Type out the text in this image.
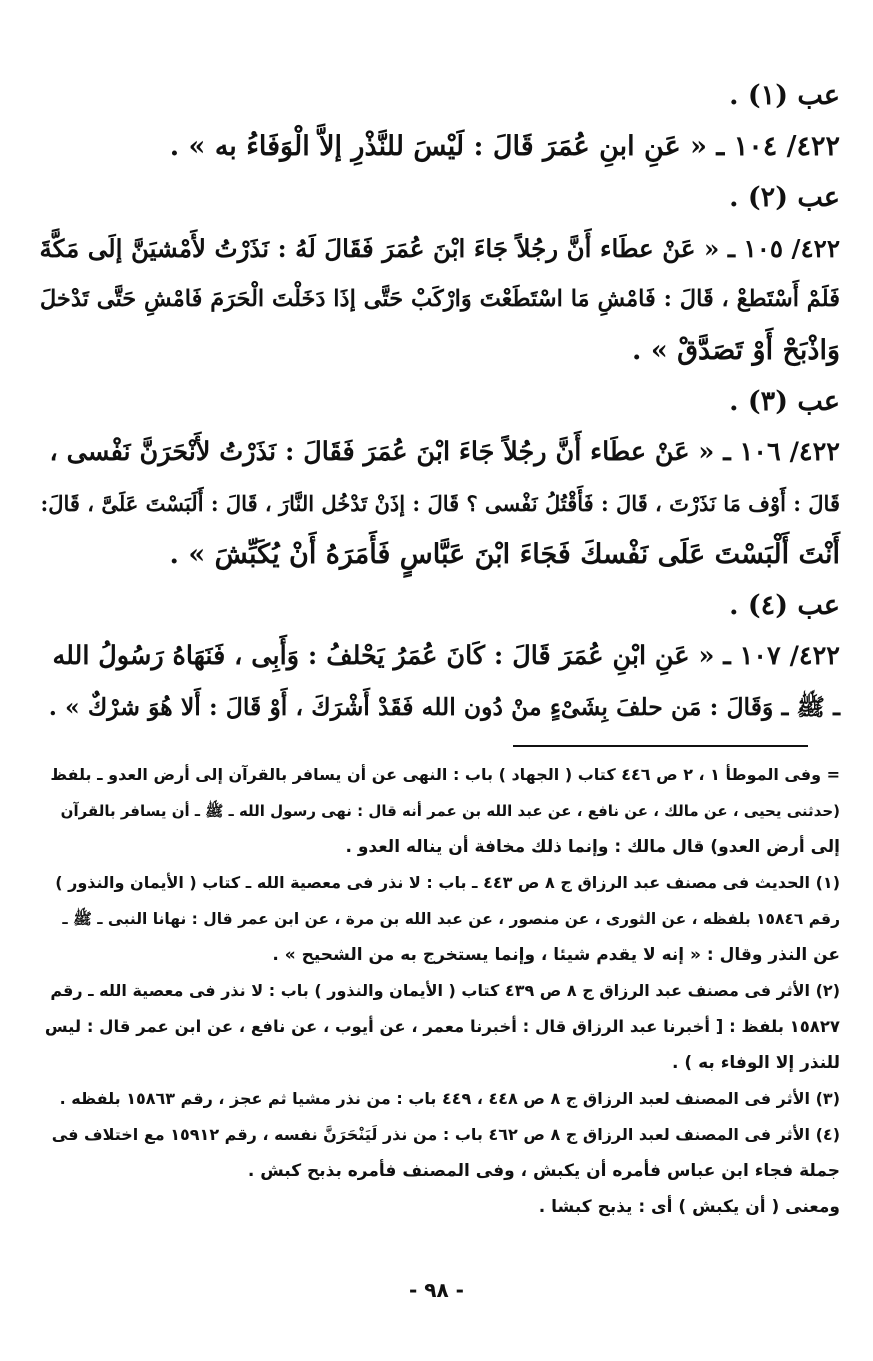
عب (١) .

٤٢٢/ ١٠٤ ـ « عَنِ ابنِ عُمَرَ قَالَ : لَيْسَ للنَّذْرِ إلاَّ الْوَفَاءُ به » .

عب (٢) .

٤٢٢/ ١٠٥ ـ « عَنْ عطَاء أَنَّ رجُلاً جَاءَ ابْنَ عُمَرَ فَقَالَ لَهُ : نَذَرْتُ لأَمْشيَنَّ إلَى مَكَّةَ

فَلَمْ أَسْتَطعْ ، قَالَ : فَامْشِ مَا اسْتَطَعْتَ وَارْكَبْ حَتَّى إذَا دَخَلْتَ الْحَرَمَ فَامْشِ حَتَّى تَدْخلَ

وَاذْبَحْ أَوْ تَصَدَّقْ » .

عب (٣) .

٤٢٢/ ١٠٦ ـ « عَنْ عطَاء أَنَّ رجُلاً جَاءَ ابْنَ عُمَرَ فَقَالَ : نَذَرْتُ لأَنْحَرَنَّ نَفْسى ،

قَالَ : أَوْف مَا نَذَرْتَ ، قَالَ : فَأَقْتُلُ نَفْسى ؟ قَالَ : إذَنْ تَدْخُل النَّارَ ، قَالَ : أَلَبَسْتَ عَلَىَّ ، قَالَ:

أَنْتَ أَلْبَسْتَ عَلَى نَفْسكَ فَجَاءَ ابْنَ عَبَّاسٍ فَأَمَرَهُ أَنْ يُكَبِّشَ » .

عب (٤) .

٤٢٢/ ١٠٧ ـ « عَنِ ابْنِ عُمَرَ قَالَ : كَانَ عُمَرُ يَحْلفُ : وَأَبِى ، فَنَهَاهُ رَسُولُ الله

ـ ﷺ ـ وَقَالَ : مَن حلفَ بِشَىْءٍ منْ دُون الله فَقَدْ أَشْرَكَ ، أَوْ قَالَ : أَلا هُوَ شرْكٌ » .

= وفى الموطأ ١ ، ٢ ص ٤٤٦ كتاب ( الجهاد ) باب : النهى عن أن يسافر بالقرآن إلى أرض العدو ـ بلفظ

(حدثنى يحيى ، عن مالك ، عن نافع ، عن عبد الله بن عمر أنه قال : نهى رسول الله ـ ﷺ ـ أن يسافر بالقرآن

إلى أرض العدو) قال مالك : وإنما ذلك مخافة أن يناله العدو .

(١) الحديث فى مصنف عبد الرزاق ج ٨ ص ٤٤٣ ـ باب : لا نذر فى معصية الله ـ كتاب ( الأيمان والنذور )

رقم ١٥٨٤٦ بلفظه ، عن الثورى ، عن منصور ، عن عبد الله بن مرة ، عن ابن عمر قال : نهانا النبى ـ ﷺ ـ

عن النذر وقال : « إنه لا يقدم شيئا ، وإنما يستخرج به من الشحيح » .

(٢) الأثر فى مصنف عبد الرزاق ج ٨ ص ٤٣٩ كتاب ( الأيمان والنذور ) باب : لا نذر فى معصية الله ـ رقم

١٥٨٢٧ بلفظ : [ أخبرنا عبد الرزاق قال : أخبرنا معمر ، عن أيوب ، عن نافع ، عن ابن عمر قال : ليس

للنذر إلا الوفاء به ) .

(٣) الأثر فى المصنف لعبد الرزاق ج ٨ ص ٤٤٨ ، ٤٤٩ باب : من نذر مشيا ثم عجز ، رقم ١٥٨٦٣ بلفظه .

(٤) الأثر فى المصنف لعبد الرزاق ج ٨ ص ٤٦٢ باب : من نذر لَيَنْحَرَنَّ نفسه ، رقم ١٥٩١٢ مع اختلاف فى

جملة فجاء ابن عباس فأمره أن يكبش ، وفى المصنف فأمره بذبح كبش .

ومعنى ( أن يكبش ) أى : يذبح كبشا .

- ٩٨ -
